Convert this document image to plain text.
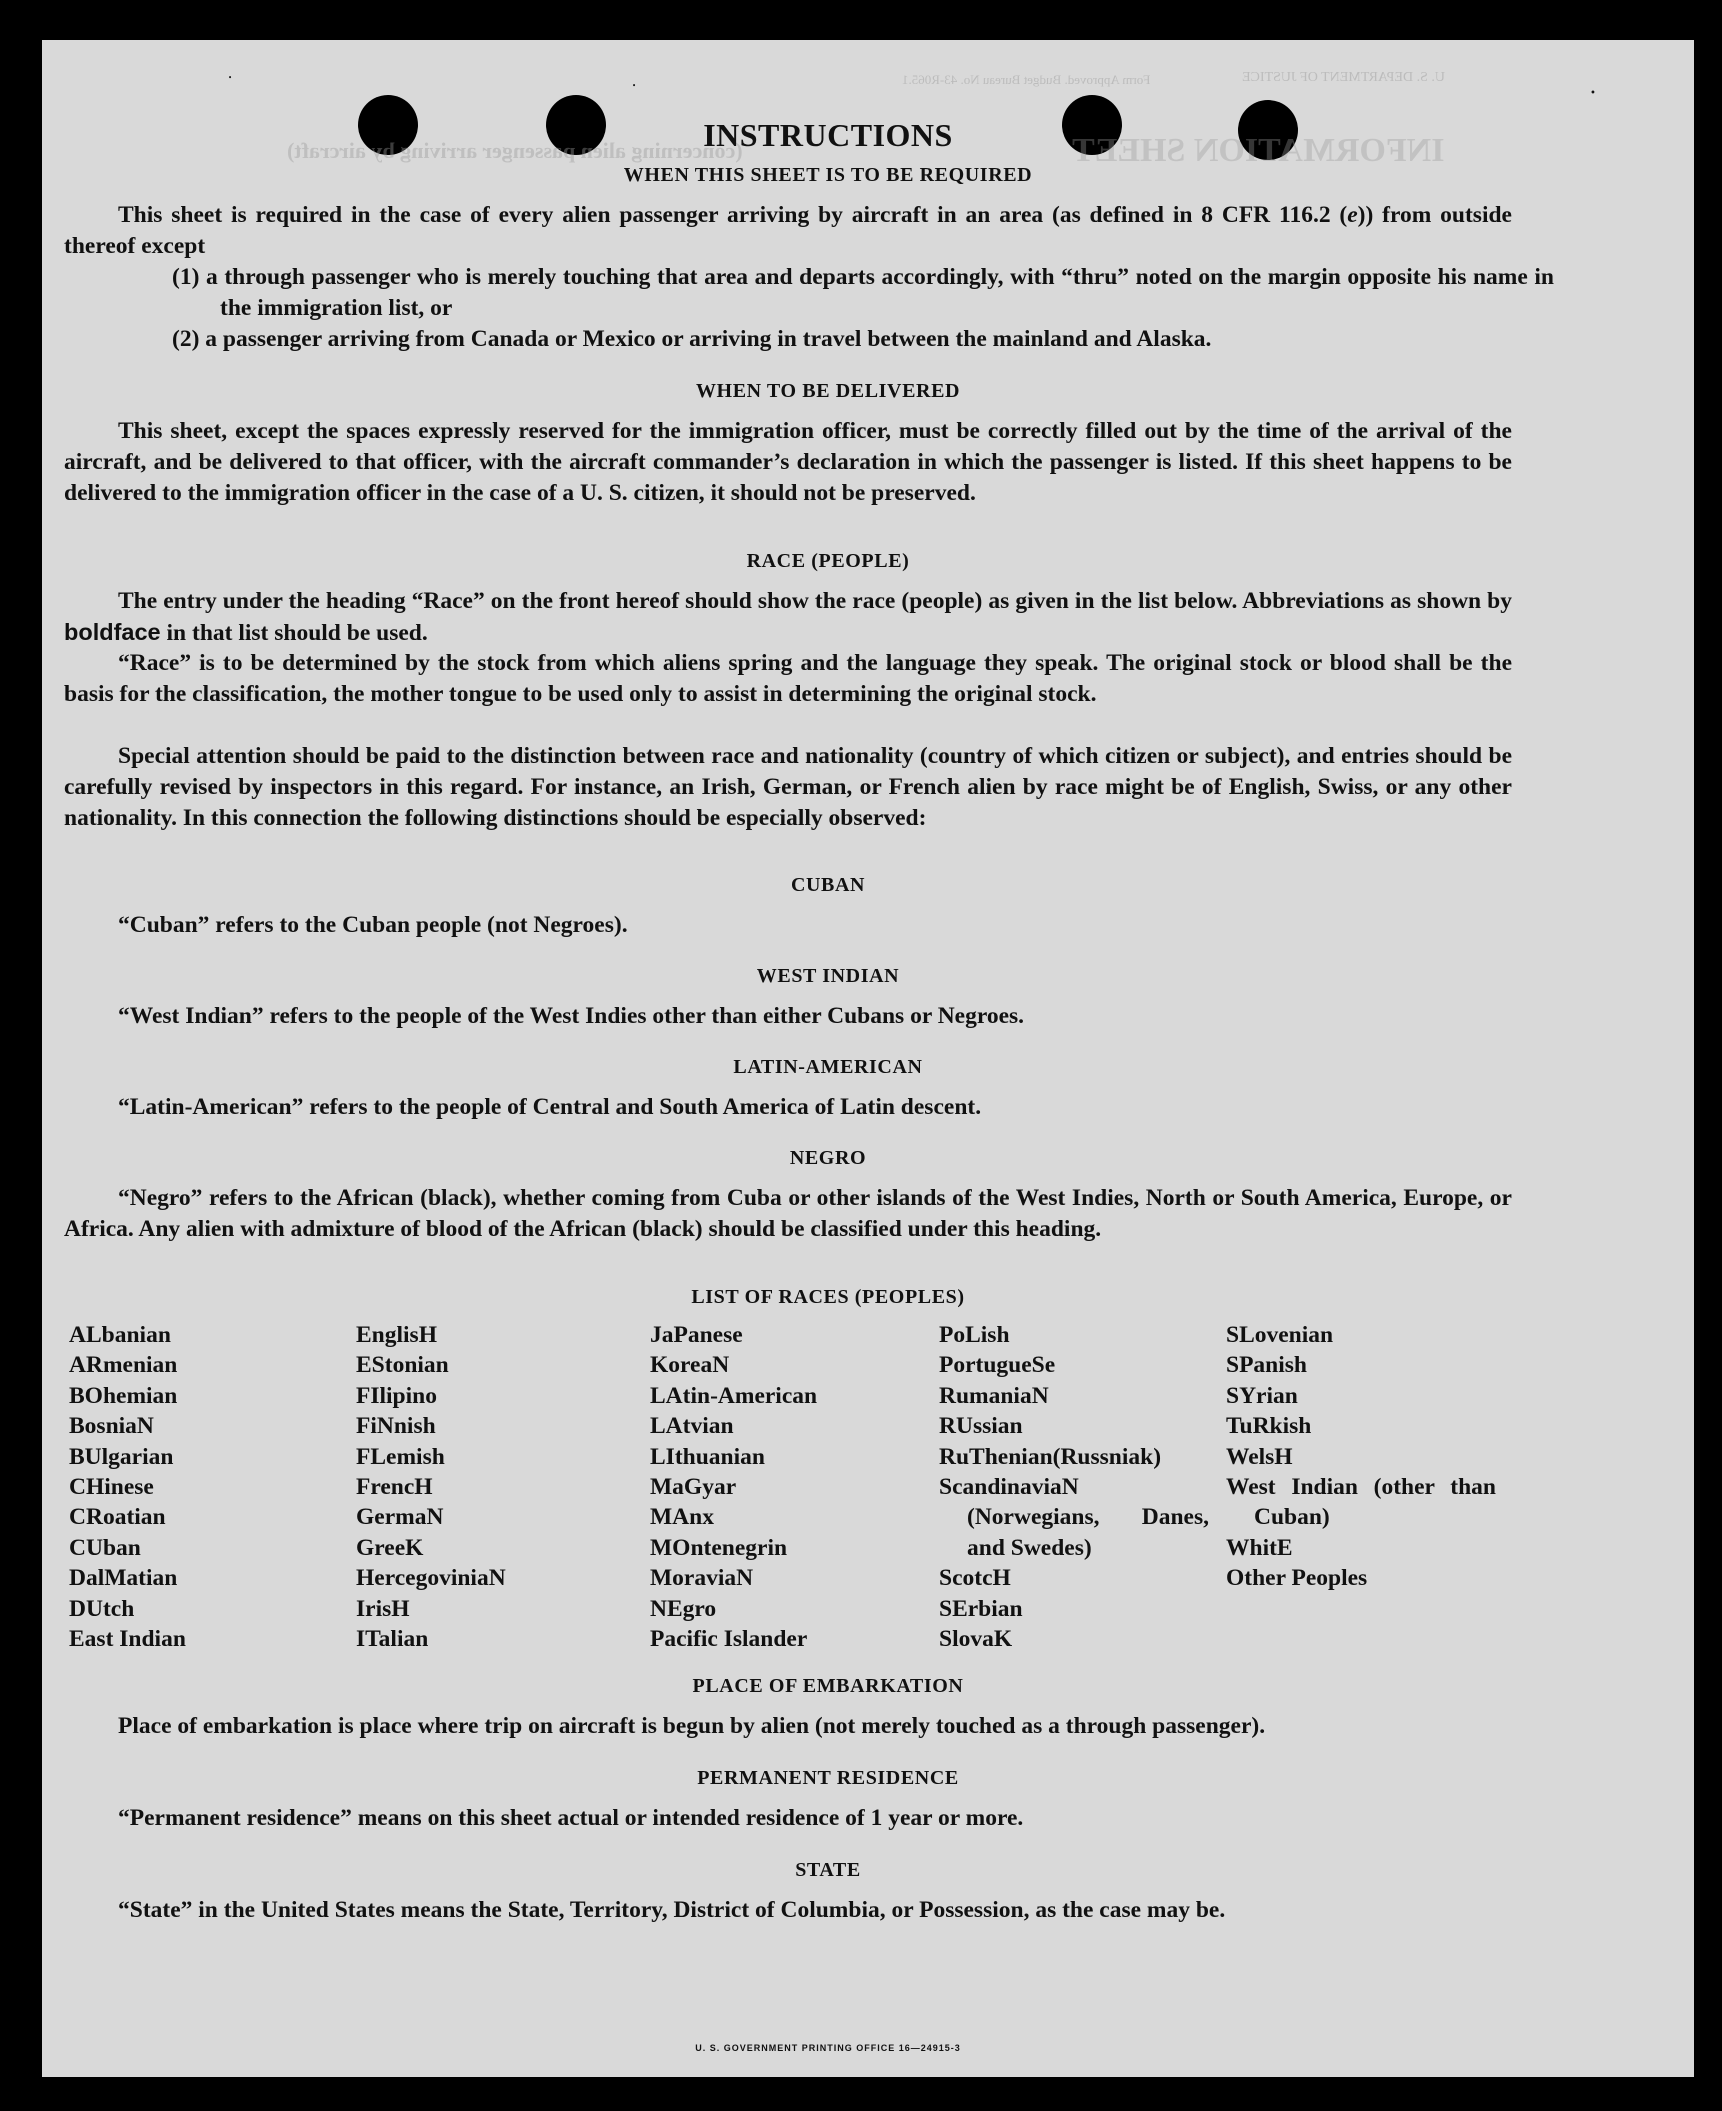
INFORMATION SHEET
(concerning alien passenger arriving by aircraft)
U. S. DEPARTMENT OF JUSTICE
Form Approved. Budget Bureau No. 43-R065.1
•
•
•
INSTRUCTIONS
WHEN THIS SHEET IS TO BE REQUIRED
This sheet is required in the case of every alien passenger arriving by aircraft in an area (as defined in 8 CFR 116.2 (e)) from outside thereof except
(1) a through passenger who is merely touching that area and departs accordingly, with “thru” noted on the margin opposite his name in the immigration list, or
(2) a passenger arriving from Canada or Mexico or arriving in travel between the mainland and Alaska.
WHEN TO BE DELIVERED
This sheet, except the spaces expressly reserved for the immigration officer, must be correctly filled out by the time of the arrival of the aircraft, and be delivered to that officer, with the aircraft commander’s declaration in which the passenger is listed. If this sheet happens to be delivered to the immigration officer in the case of a U. S. citizen, it should not be preserved.
RACE (PEOPLE)
The entry under the heading “Race” on the front hereof should show the race (people) as given in the list below. Abbreviations as shown by boldface in that list should be used.
“Race” is to be determined by the stock from which aliens spring and the language they speak. The original stock or blood shall be the basis for the classification, the mother tongue to be used only to assist in determining the original stock.
Special attention should be paid to the distinction between race and nationality (country of which citizen or subject), and entries should be carefully revised by inspectors in this regard. For instance, an Irish, German, or French alien by race might be of English, Swiss, or any other nationality. In this connection the following distinctions should be especially observed:
CUBAN
“Cuban” refers to the Cuban people (not Negroes).
WEST INDIAN
“West Indian” refers to the people of the West Indies other than either Cubans or Negroes.
LATIN-AMERICAN
“Latin-American” refers to the people of Central and South America of Latin descent.
NEGRO
“Negro” refers to the African (black), whether coming from Cuba or other islands of the West Indies, North or South America, Europe, or Africa. Any alien with admixture of blood of the African (black) should be classified under this heading.
LIST OF RACES (PEOPLES)
ALbanian
ARmenian
BOhemian
BosniaN
BUlgarian
CHinese
CRoatian
CUban
DalMatian
DUtch
East Indian
EnglisH
EStonian
FIlipino
FiNnish
FLemish
FrencH
GermaN
GreeK
HercegoviniaN
IrisH
ITalian
JaPanese
KoreaN
LAtin-American
LAtvian
LIthuanian
MaGyar
MAnx
MOntenegrin
MoraviaN
NEgro
Pacific Islander
PoLish
PortugueSe
RumaniaN
RUssian
RuThenian(Russniak)
ScandinaviaN (Norwegians, Danes, and Swedes)
ScotcH
SErbian
SlovaK
SLovenian
SPanish
SYrian
TuRkish
WelsH
West Indian (other than Cuban)
WhitE
Other Peoples
PLACE OF EMBARKATION
Place of embarkation is place where trip on aircraft is begun by alien (not merely touched as a through passenger).
PERMANENT RESIDENCE
“Permanent residence” means on this sheet actual or intended residence of 1 year or more.
STATE
“State” in the United States means the State, Territory, District of Columbia, or Possession, as the case may be.
U. S. GOVERNMENT PRINTING OFFICE 16—24915-3
